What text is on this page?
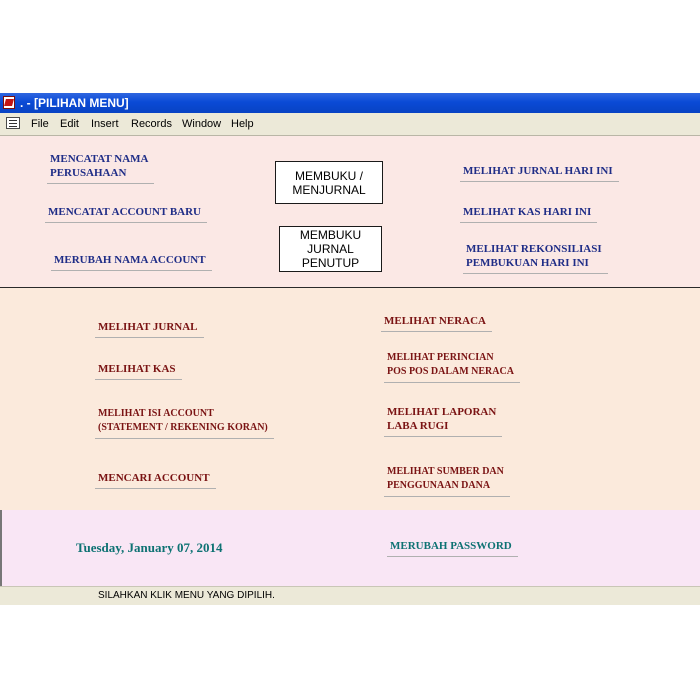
. - [PILIHAN MENU]
File Edit Insert Records Window Help
MENCATAT NAMA
PERUSAHAAN
MENCATAT ACCOUNT BARU
MERUBAH NAMA ACCOUNT
MEMBUKU /
MENJURNAL
MEMBUKU
JURNAL
PENUTUP
MELIHAT JURNAL HARI INI
MELIHAT KAS HARI INI
MELIHAT REKONSILIASI
PEMBUKUAN HARI INI
MELIHAT JURNAL
MELIHAT KAS
MELIHAT ISI ACCOUNT
(STATEMENT / REKENING KORAN)
MENCARI ACCOUNT
MELIHAT NERACA
MELIHAT PERINCIAN
POS POS DALAM NERACA
MELIHAT LAPORAN
LABA RUGI
MELIHAT SUMBER DAN
PENGGUNAAN DANA
Tuesday, January 07, 2014	MERUBAH PASSWORD
SILAHKAN KLIK MENU YANG DIPILIH.
